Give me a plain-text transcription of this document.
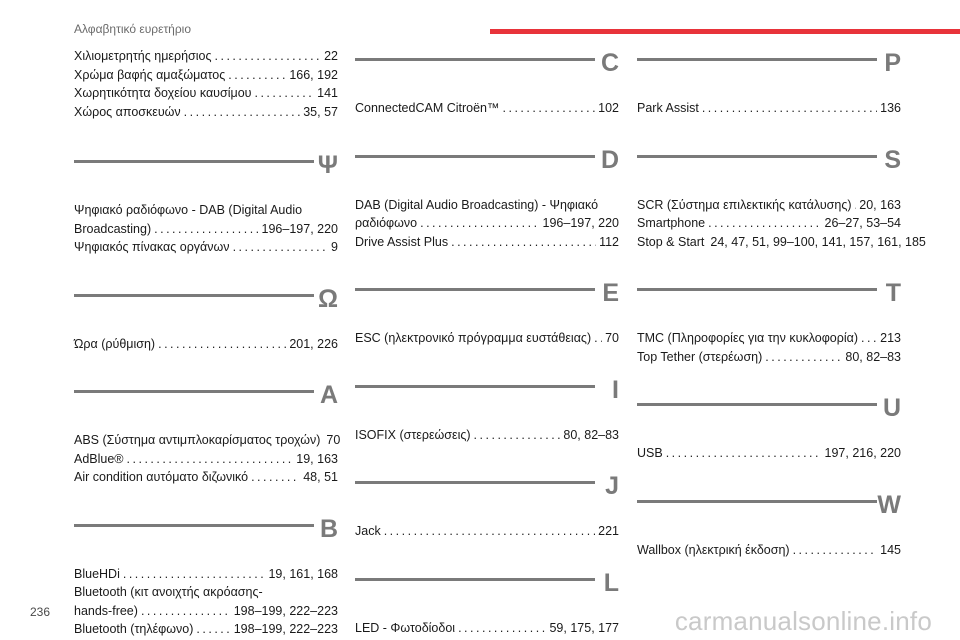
Αλφαβητικό ευρετήριο
Χιλιομετρητής ημερήσιος .....	22
Χρώμα βαφής αμαξώματος .....	166, 192
Χωρητικότητα δοχείου καυσίμου .....	141
Χώρος αποσκευών .....	35, 57
Ψ
Ψηφιακό ραδιόφωνο - DAB (Digital Audio
Broadcasting) .....	196–197, 220
Ψηφιακός πίνακας οργάνων .....	9
Ω
Ώρα (ρύθμιση) .....	201, 226
A
ABS (Σύστημα αντιμπλοκαρίσματος τροχών) 70
AdBlue® .....	19, 163
Air condition αυτόματο διζωνικό .....	48, 51
B
BlueHDi .....	19, 161, 168
Bluetooth (κιτ ανοιχτής ακρόασης-
hands-free) .....	198–199, 222–223
Bluetooth (τηλέφωνο) .....	198–199, 222–223
C
ConnectedCAM Citroën™ .....	102
D
DAB (Digital Audio Broadcasting) - Ψηφιακό
ραδιόφωνο .....	196–197, 220
Drive Assist Plus .....	112
E
ESC (ηλεκτρονικό πρόγραμμα ευστάθειας) ..... 70
I
ISOFIX (στερεώσεις) .....	80, 82–83
J
Jack .....	221
L
LED - Φωτοδίοδοι .....	59, 175, 177
P
Park Assist .....	136
S
SCR (Σύστημα επιλεκτικής κατάλυσης) ..... 20, 163
Smartphone .....	26–27, 53–54
Stop & Start 24, 47, 51, 99–100, 141, 157, 161, 185
T
TMC (Πληροφορίες για την κυκλοφορία) ..... 213
Top Tether (στερέωση) .....	80, 82–83
U
USB .....	197, 216, 220
W
Wallbox (ηλεκτρική έκδοση) .....	145
236	carmanualsonline.info
